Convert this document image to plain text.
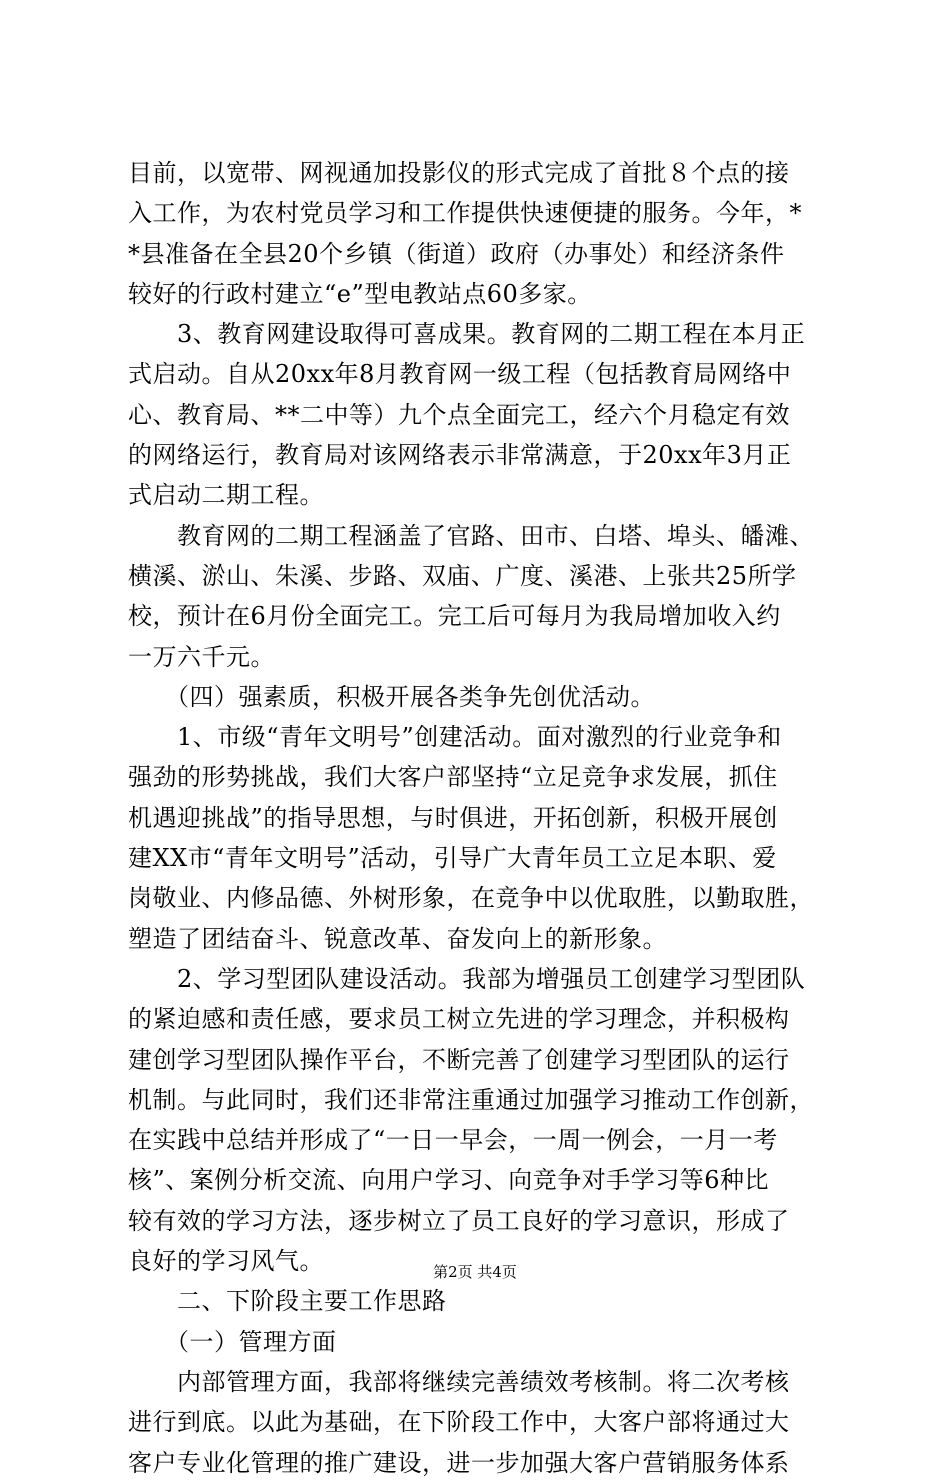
目前，以宽带、网视通加投影仪的形式完成了首批８个点的接
入工作，为农村党员学习和工作提供快速便捷的服务。今年，*
*县准备在全县20个乡镇（街道）政府（办事处）和经济条件
较好的行政村建立“e”型电教站点60多家。
　　3、教育网建设取得可喜成果。教育网的二期工程在本月正
式启动。自从20xx年8月教育网一级工程（包括教育局网络中
心、教育局、**二中等）九个点全面完工，经六个月稳定有效
的网络运行，教育局对该网络表示非常满意，于20xx年3月正
式启动二期工程。
　　教育网的二期工程涵盖了官路、田市、白塔、埠头、皤滩、
横溪、淤山、朱溪、步路、双庙、广度、溪港、上张共25所学
校，预计在6月份全面完工。完工后可每月为我局增加收入约
一万六千元。
　　（四）强素质，积极开展各类争先创优活动。
　　1、市级“青年文明号”创建活动。面对激烈的行业竞争和
强劲的形势挑战，我们大客户部坚持“立足竞争求发展，抓住
机遇迎挑战”的指导思想，与时俱进，开拓创新，积极开展创
建XX市“青年文明号”活动，引导广大青年员工立足本职、爱
岗敬业、内修品德、外树形象，在竞争中以优取胜，以勤取胜，
塑造了团结奋斗、锐意改革、奋发向上的新形象。
　　2、学习型团队建设活动。我部为增强员工创建学习型团队
的紧迫感和责任感，要求员工树立先进的学习理念，并积极构
建创学习型团队操作平台，不断完善了创建学习型团队的运行
机制。与此同时，我们还非常注重通过加强学习推动工作创新，
在实践中总结并形成了“一日一早会，一周一例会，一月一考
核”、案例分析交流、向用户学习、向竞争对手学习等6种比
较有效的学习方法，逐步树立了员工良好的学习意识，形成了
良好的学习风气。
　　二、下阶段主要工作思路
　　（一）管理方面
　　内部管理方面，我部将继续完善绩效考核制。将二次考核
进行到底。以此为基础，在下阶段工作中，大客户部将通过大
客户专业化管理的推广建设，进一步加强大客户营销服务体系
第2页 共4页
